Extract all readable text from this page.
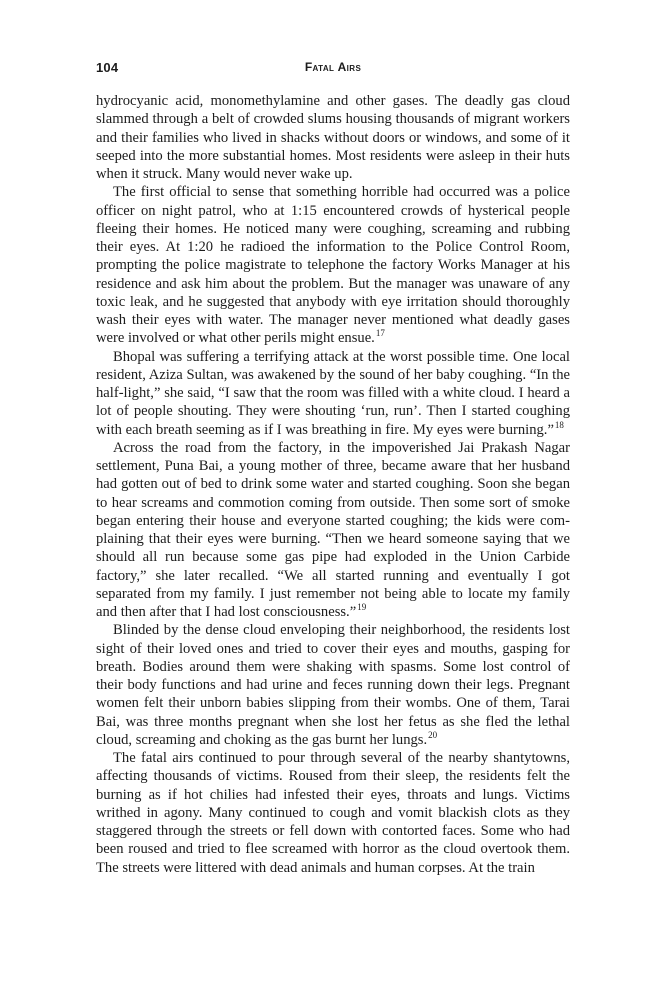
104	Fatal Airs

hydrocyanic acid, monomethylamine and other gases. The deadly gas cloud slammed through a belt of crowded slums housing thousands of migrant workers and their families who lived in shacks without doors or windows, and some of it seeped into the more substantial homes. Most residents were asleep in their huts when it struck. Many would never wake up.

The first official to sense that something horrible had occurred was a police officer on night patrol, who at 1:15 encountered crowds of hysterical people fleeing their homes. He noticed many were coughing, screaming and rubbing their eyes. At 1:20 he radioed the information to the Police Control Room, prompting the police magistrate to telephone the factory Works Manager at his residence and ask him about the problem. But the manager was unaware of any toxic leak, and he suggested that anybody with eye irritation should thoroughly wash their eyes with water. The manager never mentioned what deadly gases were involved or what other perils might ensue.$^{17}$

Bhopal was suffering a terrifying attack at the worst possible time. One local resident, Aziza Sultan, was awakened by the sound of her baby coughing. “In the half-light,” she said, “I saw that the room was filled with a white cloud. I heard a lot of people shouting. They were shouting ‘run, run’. Then I started coughing with each breath seeming as if I was breathing in fire. My eyes were burning.”$^{18}$

Across the road from the factory, in the impoverished Jai Prakash Nagar settlement, Puna Bai, a young mother of three, became aware that her husband had gotten out of bed to drink some water and started coughing. Soon she began to hear screams and commotion coming from outside. Then some sort of smoke began entering their house and everyone started coughing; the kids were complaining that their eyes were burning. “Then we heard someone saying that we should all run because some gas pipe had exploded in the Union Carbide factory,” she later recalled. “We all started running and eventually I got separated from my family. I just remember not being able to locate my family and then after that I had lost consciousness.”$^{19}$

Blinded by the dense cloud enveloping their neighborhood, the residents lost sight of their loved ones and tried to cover their eyes and mouths, gasping for breath. Bodies around them were shaking with spasms. Some lost control of their body functions and had urine and feces running down their legs. Pregnant women felt their unborn babies slipping from their wombs. One of them, Tarai Bai, was three months pregnant when she lost her fetus as she fled the lethal cloud, screaming and choking as the gas burnt her lungs.$^{20}$

The fatal airs continued to pour through several of the nearby shantytowns, affecting thousands of victims. Roused from their sleep, the residents felt the burning as if hot chilies had infested their eyes, throats and lungs. Victims writhed in agony. Many continued to cough and vomit blackish clots as they staggered through the streets or fell down with contorted faces. Some who had been roused and tried to flee screamed with horror as the cloud overtook them. The streets were littered with dead animals and human corpses. At the train
